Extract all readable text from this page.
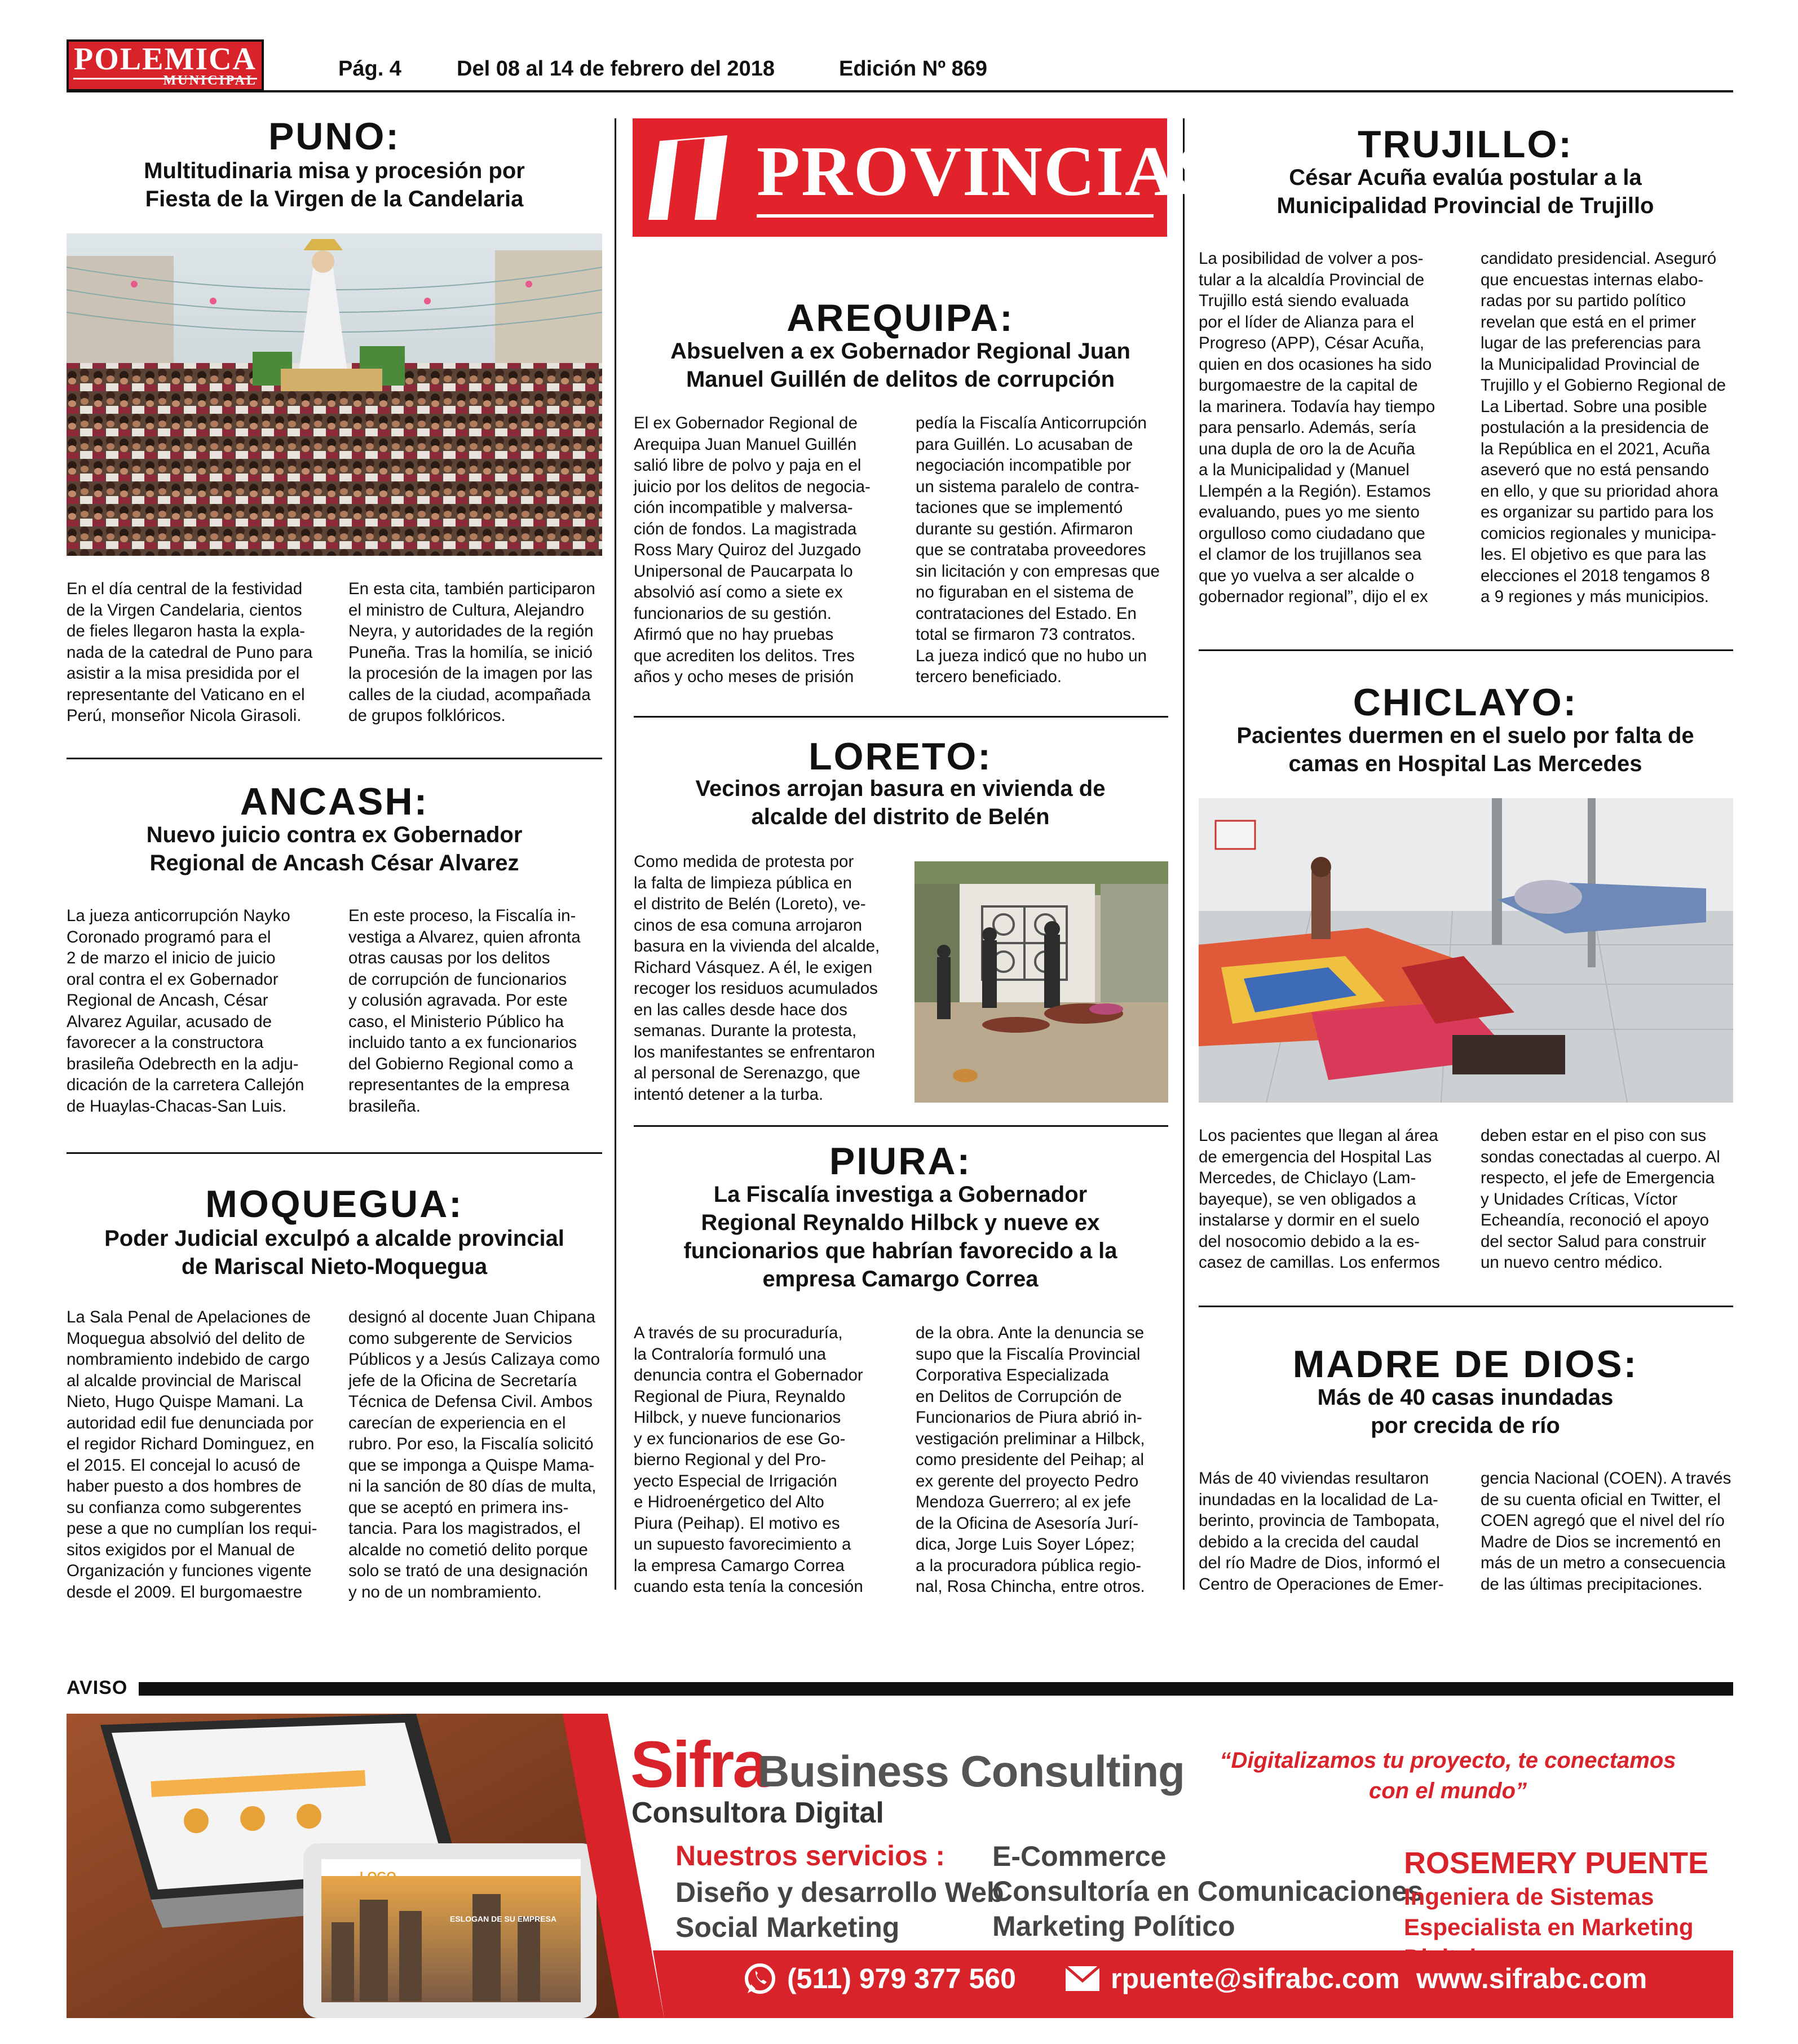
POLEMICA
MUNICIPAL	Pág. 4	Del 08 al 14 de febrero del 2018	Edición Nº 869
PUNO:
Multitudinaria misa y procesión por
Fiesta de la Virgen de la Candelaria
En el día central de la festividad
de la Virgen Candelaria, cientos
de fieles llegaron hasta la expla-
nada de la catedral de Puno para
asistir a la misa presidida por el
representante del Vaticano en el
Perú, monseñor Nicola Girasoli.
En esta cita, también participaron
el ministro de Cultura, Alejandro
Neyra, y autoridades de la región
Puneña. Tras la homilía, se inició
la procesión de la imagen por las
calles de la ciudad, acompañada
de grupos folklóricos.
ANCASH:
Nuevo juicio contra ex Gobernador
Regional de Ancash César Alvarez
La jueza anticorrupción Nayko
Coronado programó para el
2 de marzo el inicio de juicio
oral contra el ex Gobernador
Regional de Ancash, César
Alvarez Aguilar, acusado de
favorecer a la constructora
brasileña Odebrecth en la adju-
dicación de la carretera Callejón
de Huaylas-Chacas-San Luis.
En este proceso, la Fiscalía in-
vestiga a Alvarez, quien afronta
otras causas por los delitos
de corrupción de funcionarios
y colusión agravada. Por este
caso, el Ministerio Público ha
incluido tanto a ex funcionarios
del Gobierno Regional como a
representantes de la empresa
brasileña.
MOQUEGUA:
Poder Judicial exculpó a alcalde provincial
de Mariscal Nieto-Moquegua
La Sala Penal de Apelaciones de
Moquegua absolvió del delito de
nombramiento indebido de cargo
al alcalde provincial de Mariscal
Nieto, Hugo Quispe Mamani. La
autoridad edil fue denunciada por
el regidor Richard Dominguez, en
el 2015. El concejal lo acusó de
haber puesto a dos hombres de
su confianza como subgerentes
pese a que no cumplían los requi-
sitos exigidos por el Manual de
Organización y funciones vigente
desde el 2009. El burgomaestre
designó al docente Juan Chipana
como subgerente de Servicios
Públicos y a Jesús Calizaya como
jefe de la Oficina de Secretaría
Técnica de Defensa Civil. Ambos
carecían de experiencia en el
rubro. Por eso, la Fiscalía solicitó
que se imponga a Quispe Mama-
ni la sanción de 80 días de multa,
que se aceptó en primera ins-
tancia. Para los magistrados, el
alcalde no cometió delito porque
solo se trató de una designación
y no de un nombramiento.
PROVINCIAS
AREQUIPA:
Absuelven a ex Gobernador Regional Juan
Manuel Guillén de delitos de corrupción
El ex Gobernador Regional de
Arequipa Juan Manuel Guillén
salió libre de polvo y paja en el
juicio por los delitos de negocia-
ción incompatible y malversa-
ción de fondos. La magistrada
Ross Mary Quiroz del Juzgado
Unipersonal de Paucarpata lo
absolvió así como a siete ex
funcionarios de su gestión.
Afirmó que no hay pruebas
que acrediten los delitos. Tres
años y ocho meses de prisión
pedía la Fiscalía Anticorrupción
para Guillén. Lo acusaban de
negociación incompatible por
un sistema paralelo de contra-
taciones que se implementó
durante su gestión. Afirmaron
que se contrataba proveedores
sin licitación y con empresas que
no figuraban en el sistema de
contrataciones del Estado. En
total se firmaron 73 contratos.
La jueza indicó que no hubo un
tercero beneficiado.
LORETO:
Vecinos arrojan basura en vivienda de
alcalde del distrito de Belén
Como medida de protesta por
la falta de limpieza pública en
el distrito de Belén (Loreto), ve-
cinos de esa comuna arrojaron
basura en la vivienda del alcalde,
Richard Vásquez. A él, le exigen
recoger los residuos acumulados
en las calles desde hace dos
semanas. Durante la protesta,
los manifestantes se enfrentaron
al personal de Serenazgo, que
intentó detener a la turba.
PIURA:
La Fiscalía investiga a Gobernador
Regional Reynaldo Hilbck y nueve ex
funcionarios que habrían favorecido a la
empresa Camargo Correa
A través de su procuraduría,
la Contraloría formuló una
denuncia contra el Gobernador
Regional de Piura, Reynaldo
Hilbck, y nueve funcionarios
y ex funcionarios de ese Go-
bierno Regional y del Pro-
yecto Especial de Irrigación
e Hidroenérgetico del Alto
Piura (Peihap). El motivo es
un supuesto favorecimiento a
la empresa Camargo Correa
cuando esta tenía la concesión
de la obra. Ante la denuncia se
supo que la Fiscalía Provincial
Corporativa Especializada
en Delitos de Corrupción de
Funcionarios de Piura abrió in-
vestigación preliminar a Hilbck,
como presidente del Peihap; al
ex gerente del proyecto Pedro
Mendoza Guerrero; al ex jefe
de la Oficina de Asesoría Jurí-
dica, Jorge Luis Soyer López;
a la procuradora pública regio-
nal, Rosa Chincha, entre otros.
TRUJILLO:
César Acuña evalúa postular a la
Municipalidad Provincial de Trujillo
La posibilidad de volver a pos-
tular a la alcaldía Provincial de
Trujillo está siendo evaluada
por el líder de Alianza para el
Progreso (APP), César Acuña,
quien en dos ocasiones ha sido
burgomaestre de la capital de
la marinera. Todavía hay tiempo
para pensarlo. Además, sería
una dupla de oro la de Acuña
a la Municipalidad y (Manuel
Llempén a la Región). Estamos
evaluando, pues yo me siento
orgulloso como ciudadano que
el clamor de los trujillanos sea
que yo vuelva a ser alcalde o
gobernador regional”, dijo el ex
candidato presidencial. Aseguró
que encuestas internas elabo-
radas por su partido político
revelan que está en el primer
lugar de las preferencias para
la Municipalidad Provincial de
Trujillo y el Gobierno Regional de
La Libertad. Sobre una posible
postulación a la presidencia de
la República en el 2021, Acuña
aseveró que no está pensando
en ello, y que su prioridad ahora
es organizar su partido para los
comicios regionales y municipa-
les. El objetivo es que para las
elecciones el 2018 tengamos 8
a 9 regiones y más municipios.
CHICLAYO:
Pacientes duermen en el suelo por falta de
camas en Hospital Las Mercedes
Los pacientes que llegan al área
de emergencia del Hospital Las
Mercedes, de Chiclayo (Lam-
bayeque), se ven obligados a
instalarse y dormir en el suelo
del nosocomio debido a la es-
casez de camillas. Los enfermos
deben estar en el piso con sus
sondas conectadas al cuerpo. Al
respecto, el jefe de Emergencia
y Unidades Críticas, Víctor
Echeandía, reconoció el apoyo
del sector Salud para construir
un nuevo centro médico.
MADRE DE DIOS:
Más de 40 casas inundadas
por crecida de río
Más de 40 viviendas resultaron
inundadas en la localidad de La-
berinto, provincia de Tambopata,
debido a la crecida del caudal
del río Madre de Dios, informó el
Centro de Operaciones de Emer-
gencia Nacional (COEN). A través
de su cuenta oficial en Twitter, el
COEN agregó que el nivel del río
Madre de Dios se incrementó en
más de un metro a consecuencia
de las últimas precipitaciones.
AVISO
LOGO
ESLOGAN DE SU EMPRESA
Sifra
Business Consulting
Consultora Digital
“Digitalizamos tu proyecto, te conectamos
con el mundo”
Nuestros servicios :
Diseño y desarrollo Web
Social Marketing
E-Commerce
Consultoría en Comunicaciones
Marketing Político
ROSEMERY PUENTE
Ingeniera de Sistemas
Especialista en Marketing Digital
(511) 979 377 560	rpuente@sifrabc.com www.sifrabc.com
